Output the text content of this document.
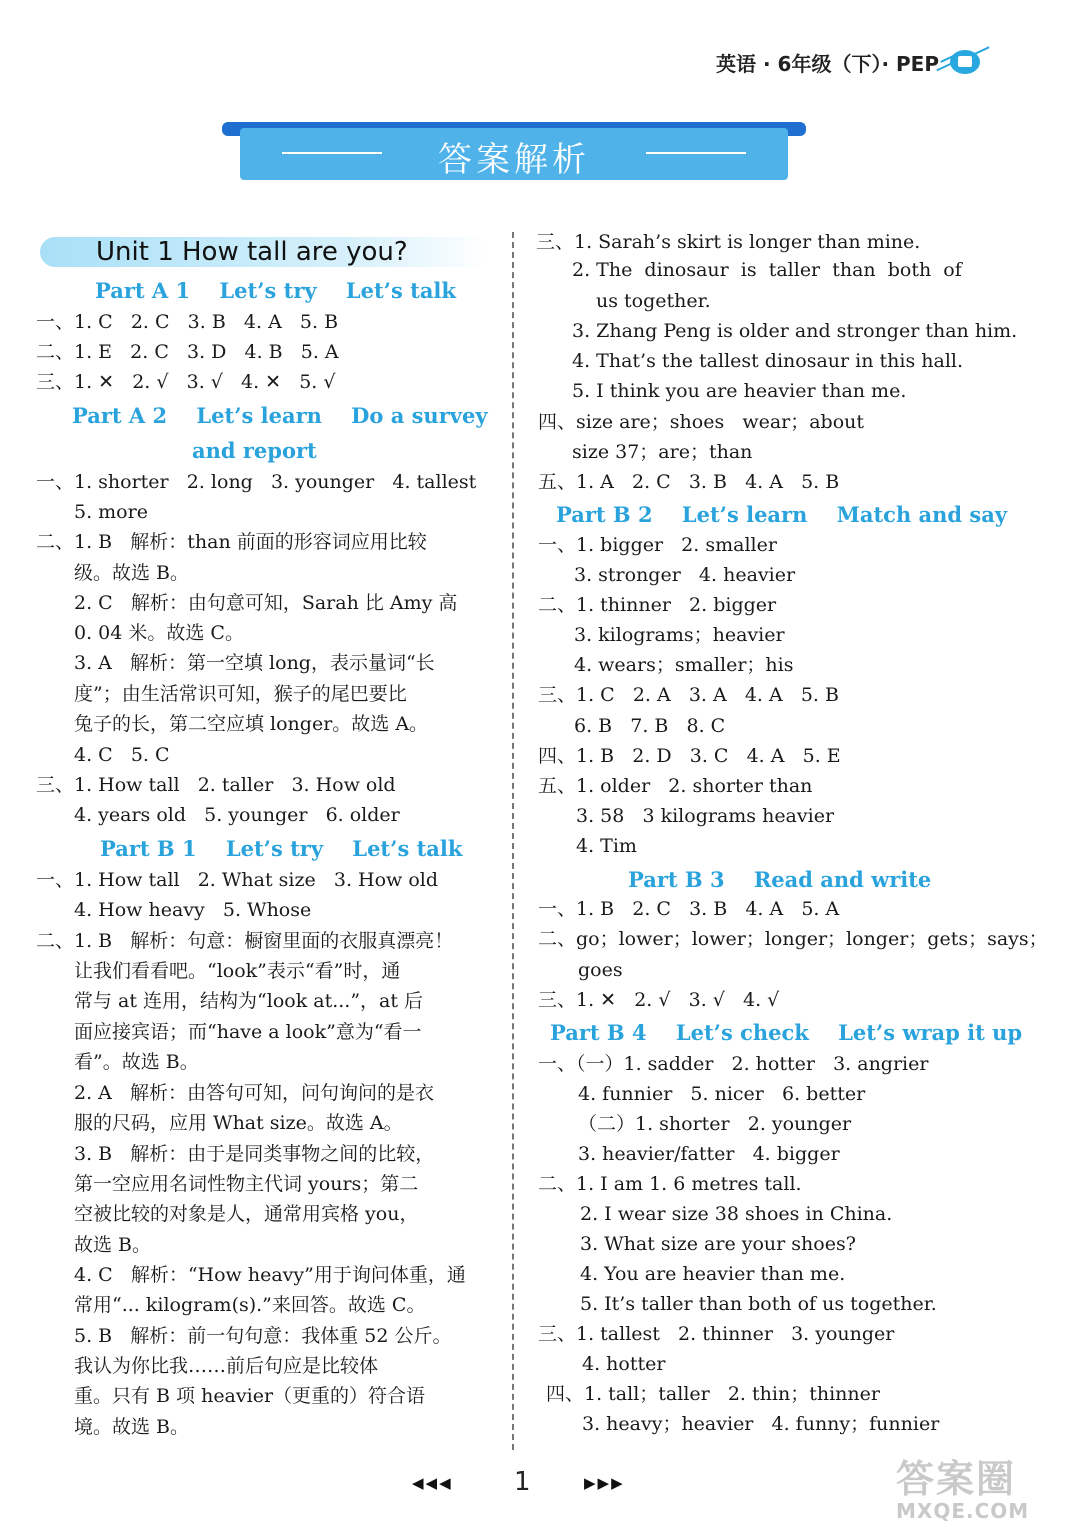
英语 · 6年级（下）· PEP
答案解析
Unit 1 How tall are you?
Part A 1    Let’s try    Let’s talk
一、1. C   2. C   3. B   4. A   5. B
二、1. E   2. C   3. D   4. B   5. A
三、1. ✕   2. √   3. √   4. ✕   5. √
Part A 2    Let’s learn    Do a survey
and report
一、1. shorter   2. long   3. younger   4. tallest
5. more
二、1. B   解析：than 前面的形容词应用比较
级。故选 B。
2. C   解析：由句意可知，Sarah 比 Amy 高
0. 04 米。故选 C。
3. A   解析：第一空填 long，表示量词“长
度”；由生活常识可知，猴子的尾巴要比
兔子的长，第二空应填 longer。故选 A。
4. C   5. C
三、1. How tall   2. taller   3. How old
4. years old   5. younger   6. older
Part B 1    Let’s try    Let’s talk
一、1. How tall   2. What size   3. How old
4. How heavy   5. Whose
二、1. B   解析：句意：橱窗里面的衣服真漂亮！
让我们看看吧。“look”表示“看”时，通
常与 at 连用，结构为“look at...”，at 后
面应接宾语；而“have a look”意为“看一
看”。故选 B。
2. A   解析：由答句可知，问句询问的是衣
服的尺码，应用 What size。故选 A。
3. B   解析：由于是同类事物之间的比较，
第一空应用名词性物主代词 yours；第二
空被比较的对象是人，通常用宾格 you，
故选 B。
4. C   解析：“How heavy”用于询问体重，通
常用“... kilogram(s).”来回答。故选 C。
5. B   解析：前一句句意：我体重 52 公斤。
我认为你比我……前后句应是比较体
重。只有 B 项 heavier（更重的）符合语
境。故选 B。
三、1. Sarah’s skirt is longer than mine.
2. The  dinosaur  is  taller  than  both  of
us together.
3. Zhang Peng is older and stronger than him.
4. That’s the tallest dinosaur in this hall.
5. I think you are heavier than me.
四、size are；shoes   wear；about
size 37；are；than
五、1. A   2. C   3. B   4. A   5. B
Part B 2    Let’s learn    Match and say
一、1. bigger   2. smaller
3. stronger   4. heavier
二、1. thinner   2. bigger
3. kilograms；heavier
4. wears；smaller；his
三、1. C   2. A   3. A   4. A   5. B
6. B   7. B   8. C
四、1. B   2. D   3. C   4. A   5. E
五、1. older   2. shorter than
3. 58   3 kilograms heavier
4. Tim
Part B 3    Read and write
一、1. B   2. C   3. B   4. A   5. A
二、go；lower；lower；longer；longer；gets；says；
goes
三、1. ✕   2. √   3. √   4. √
Part B 4    Let’s check    Let’s wrap it up
一、（一）1. sadder   2. hotter   3. angrier
4. funnier   5. nicer   6. better
（二）1. shorter   2. younger
3. heavier/fatter   4. bigger
二、1. I am 1. 6 metres tall.
2. I wear size 38 shoes in China.
3. What size are your shoes?
4. You are heavier than me.
5. It’s taller than both of us together.
三、1. tallest   2. thinner   3. younger
4. hotter
四、1. tall；taller   2. thin；thinner
3. heavy；heavier   4. funny；funnier
◀◀◀ 1	▶▶▶	答案圈
MXQE.COM
